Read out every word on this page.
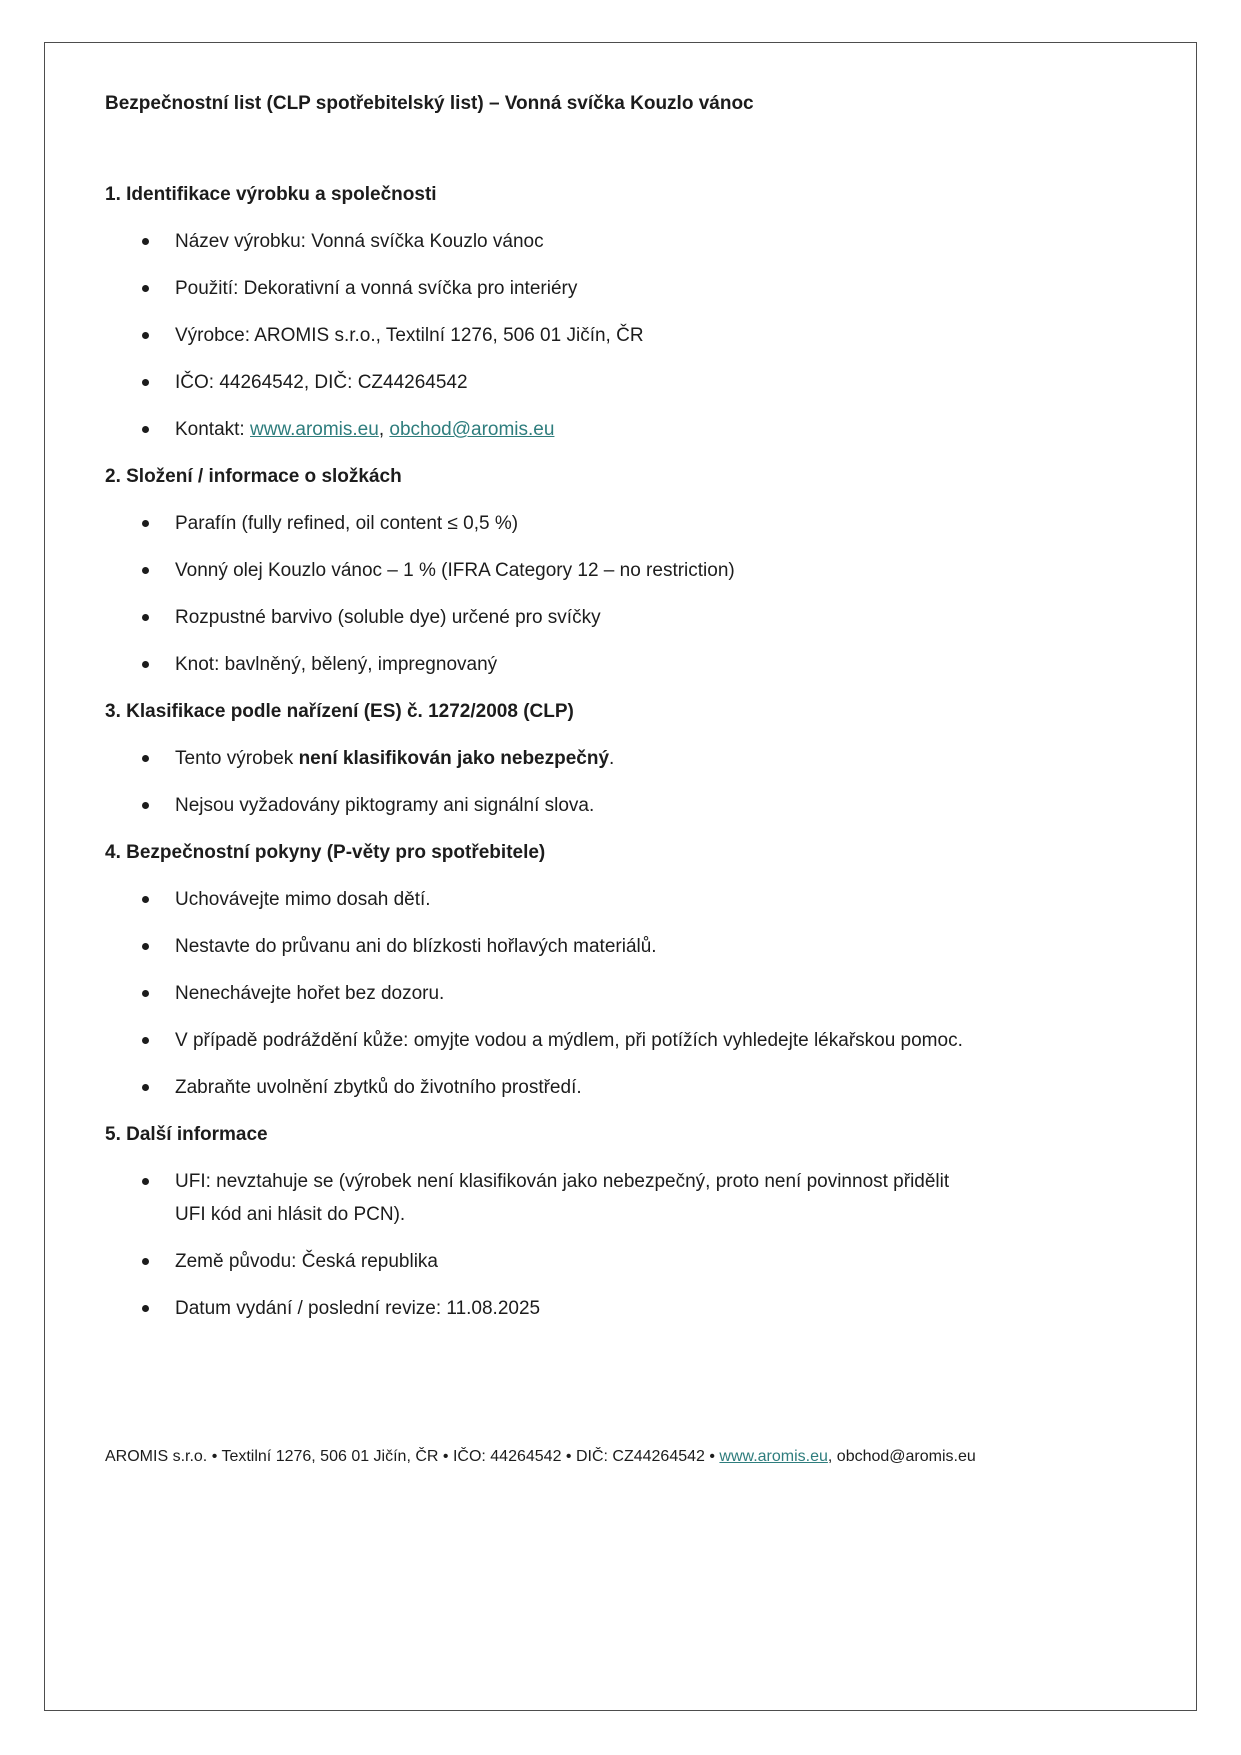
Bezpečnostní list (CLP spotřebitelský list) – Vonná svíčka Kouzlo vánoc
1. Identifikace výrobku a společnosti
Název výrobku: Vonná svíčka Kouzlo vánoc
Použití: Dekorativní a vonná svíčka pro interiéry
Výrobce: AROMIS s.r.o., Textilní 1276, 506 01 Jičín, ČR
IČO: 44264542, DIČ: CZ44264542
Kontakt: www.aromis.eu, obchod@aromis.eu
2. Složení / informace o složkách
Parafín (fully refined, oil content ≤ 0,5 %)
Vonný olej Kouzlo vánoc – 1 % (IFRA Category 12 – no restriction)
Rozpustné barvivo (soluble dye) určené pro svíčky
Knot: bavlněný, bělený, impregnovaný
3. Klasifikace podle nařízení (ES) č. 1272/2008 (CLP)
Tento výrobek není klasifikován jako nebezpečný.
Nejsou vyžadovány piktogramy ani signální slova.
4. Bezpečnostní pokyny (P-věty pro spotřebitele)
Uchovávejte mimo dosah dětí.
Nestavte do průvanu ani do blízkosti hořlavých materiálů.
Nenechávejte hořet bez dozoru.
V případě podráždění kůže: omyjte vodou a mýdlem, při potížích vyhledejte lékařskou pomoc.
Zabraňte uvolnění zbytků do životního prostředí.
5. Další informace
UFI: nevztahuje se (výrobek není klasifikován jako nebezpečný, proto není povinnost přidělit UFI kód ani hlásit do PCN).
Země původu: Česká republika
Datum vydání / poslední revize: 11.08.2025
AROMIS s.r.o. • Textilní 1276, 506 01 Jičín, ČR • IČO: 44264542 • DIČ: CZ44264542 • www.aromis.eu, obchod@aromis.eu
